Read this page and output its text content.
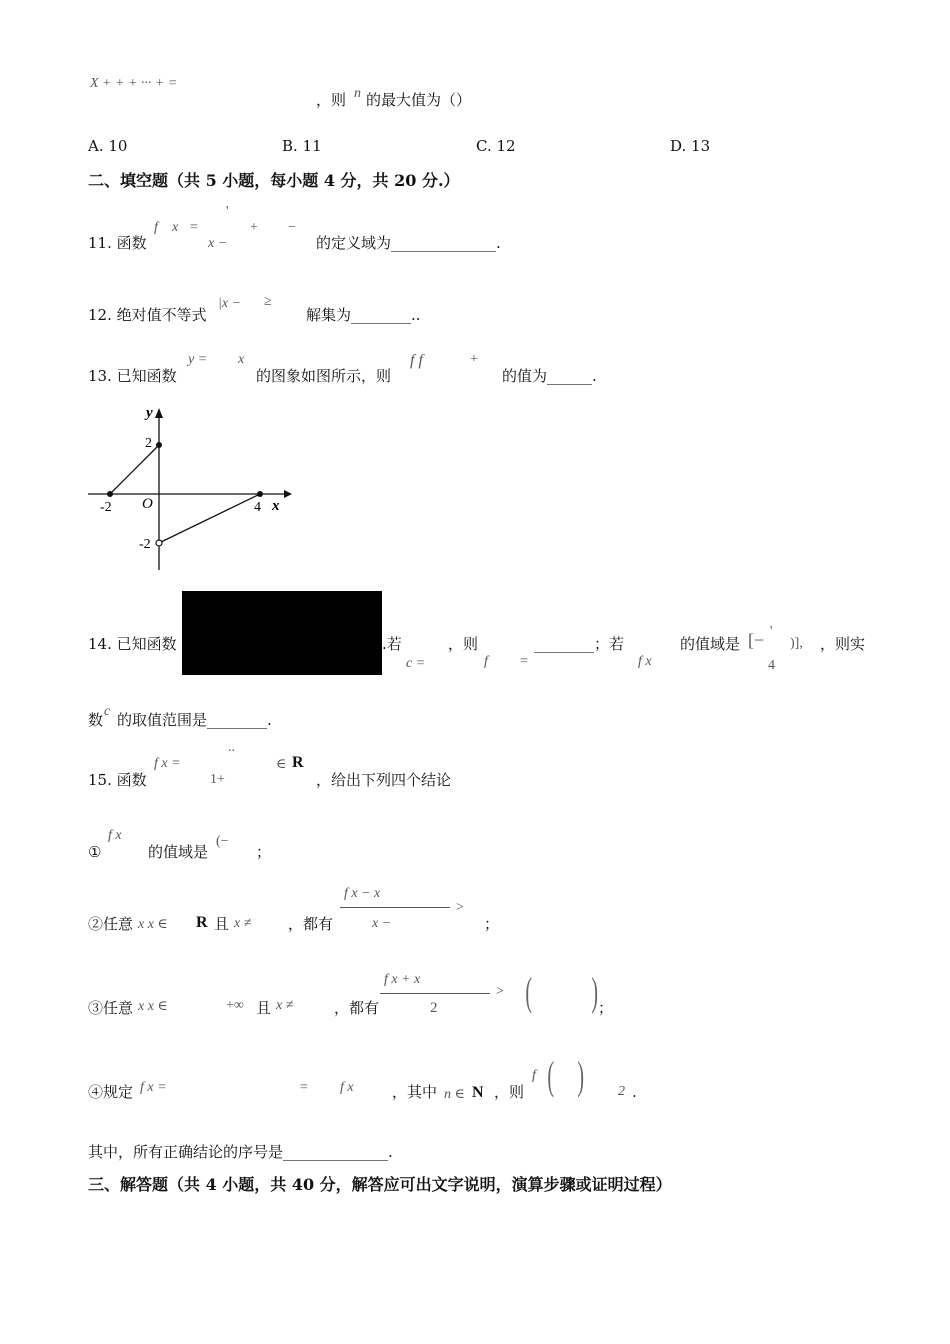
X + + + ··· + =
，则 n 的最大值为（）
A. 10	B. 11	C. 12	D. 13
二、填空题（共 5 小题，每小题 4 分，共 20 分.）
11. 函数
f x =
'
x −
+ −
的定义域为______________.
12. 绝对值不等式
|x − ≥
解集为________..
13. 已知函数
y = x
的图象如图所示，则
f f	+
的值为______.
y
x
O
2
-2	4
-2
14. 已知函数	.若
c =
，则
f =
________；若
f x
的值域是 [− '
4
)], ，则实
数 c 的取值范围是________.
15. 函数
f x =
..
1+
∈ R
，给出下列四个结论
①
f x
的值域是
(−
；
②任意 x x ∈ R 且 x ≠ ，都有
f x − x
x −
>
；
③任意 x x ∈	+∞ 且 x ≠	，都有
f x + x
2
> ( ) ；
④规定 f x =	= f x	，其中 n ∈ N ，则
f ( ) 2 .
其中，所有正确结论的序号是______________.
三、解答题（共 4 小题，共 40 分，解答应可出文字说明，演算步骤或证明过程）
